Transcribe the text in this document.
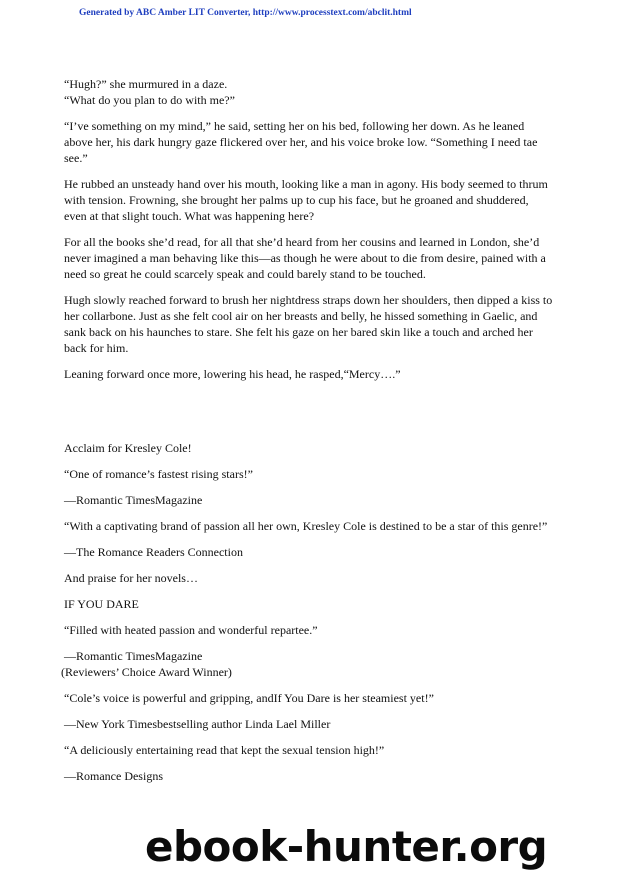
Generated by ABC Amber LIT Converter, http://www.processtext.com/abclit.html

“Hugh?” she murmured in a daze.

“What do you plan to do with me?”

“I’ve something on my mind,” he said, setting her on his bed, following her down. As he leaned above her, his dark hungry gaze flickered over her, and his voice broke low. “Something I need tae see.”

He rubbed an unsteady hand over his mouth, looking like a man in agony. His body seemed to thrum with tension. Frowning, she brought her palms up to cup his face, but he groaned and shuddered, even at that slight touch. What was happening here?

For all the books she’d read, for all that she’d heard from her cousins and learned in London, she’d never imagined a man behaving like this—as though he were about to die from desire, pained with a need so great he could scarcely speak and could barely stand to be touched.

Hugh slowly reached forward to brush her nightdress straps down her shoulders, then dipped a kiss to her collarbone. Just as she felt cool air on her breasts and belly, he hissed something in Gaelic, and sank back on his haunches to stare. She felt his gaze on her bared skin like a touch and arched her back for him.

Leaning forward once more, lowering his head, he rasped,“Mercy….”

Acclaim for Kresley Cole!

“One of romance’s fastest rising stars!”

—Romantic TimesMagazine

“With a captivating brand of passion all her own, Kresley Cole is destined to be a star of this genre!”

—The Romance Readers Connection

And praise for her novels…

IF YOU DARE

“Filled with heated passion and wonderful repartee.”

—Romantic TimesMagazine

(Reviewers’ Choice Award Winner)

“Cole’s voice is powerful and gripping, andIf You Dare is her steamiest yet!”

—New York Timesbestselling author Linda Lael Miller

“A deliciously entertaining read that kept the sexual tension high!”

—Romance Designs

ebook-hunter.org
